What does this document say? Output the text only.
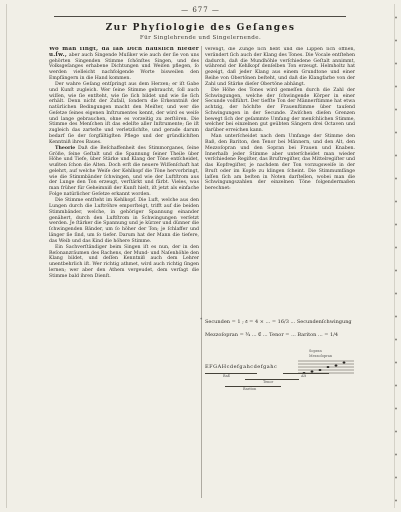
— 677 —
Zur Phyſiologie des Geſanges
Für Singlehrende und Singelernende.

Wo man ſingt, da laß Dich häuslich nieder u.ſw., aber auch Singende Muſiker wie auch der ſie von uns gehörten Singenden Stimme ſchönſtes Singen, und des Volksgeſanges erhabene Dichtungen und Weiſen pflegen, ſo werden vielleicht nachfolgende Worte bisweilen den Empfängern in die Hand kommen.

Der wahre Geſang entſpringt aus dem Herzen; er iſt Gabe und Kunſt zugleich. Wer ſeine Stimme gebraucht, ſoll auch wiſſen, wie ſie entſteht, wie ſie ſich bildet und wie ſie ſich erhält. Denn nicht der Zufall, ſondern die Erkenntniß der natürlichen Bedingungen macht den Meiſter, und wer die Geſetze ſeines eigenen Inſtrumentes kennt, der wird es weiſe und lange gebrauchen, ohne es vorzeitig zu zerſtören. Die Stimme des Menſchen iſt das edelſte aller Inſtrumente; ſie iſt zugleich das zarteſte und verletzlichſte, und gerade darum bedarf ſie der ſorgfältigſten Pflege und der gründlichſten Kenntniß ihres Baues.

Theorie Daß die Beſchaffenheit des Stimmorganes, ſeine Größe, ſeine Geſtalt und die Spannung ſeiner Theile über Höhe und Tiefe, über Stärke und Klang der Töne entſcheidet, wußten ſchon die Alten. Doch erſt die neuere Wiſſenſchaft hat gelehrt, auf welche Weiſe der Kehlkopf die Töne hervorbringt, wie die Stimmbänder ſchwingen, und wie der Luftſtrom aus der Lunge den Ton erzeugt, verſtärkt und färbt. Vieles, was man früher für Geheimniß der Kunſt hielt, iſt jetzt als einfache Folge natürlicher Geſetze erkannt worden.

Die Stimme entſteht im Kehlkopf. Die Luft, welche aus den Lungen durch die Luftröhre emporſteigt, trifft auf die beiden Stimmbänder, welche, in gehöriger Spannung einander genähert, durch den Luftſtrom in Schwingungen verſetzt werden. Je ſtärker die Spannung und je kürzer und dünner die ſchwingenden Bänder, um ſo höher der Ton; je ſchlaffer und länger ſie ſind, um ſo tiefer. Darum hat der Mann die tiefere, das Weib und das Kind die höhere Stimme.

Ein Sachverſtändiger beim Singen iſt es nun, der in den Reſonanzräumen des Rachens, der Mund- und Naſenhöhle den Klang bildet, und deſſen Kenntniß auch dem Lehrer unentbehrlich iſt. Wer richtig athmet, wird auch richtig ſingen lernen; wer aber den Athem vergeudet, dem verſagt die Stimme bald ihren Dienſt.

verengt, die Zunge ſich hebt und die Lippen ſich öffnen, verändert ſich auch der Klang des Tones. Die Vocale entſtehen dadurch, daß die Mundhöhle verſchiedene Geſtalt annimmt, während der Kehlkopf denſelben Ton erzeugt. Helmholtz hat gezeigt, daß jeder Klang aus einem Grundtone und einer Reihe von Obertönen beſteht, und daß die Klangfarbe von der Zahl und Stärke dieſer Obertöne abhängt.

Die Höhe des Tones wird gemeſſen durch die Zahl der Schwingungen, welche der ſchwingende Körper in einer Secunde vollführt. Der tiefſte Ton der Männerſtimme hat etwa achtzig, der höchſte der Frauenſtimme über tauſend Schwingungen in der Secunde. Zwiſchen dieſen Grenzen bewegt ſich der geſammte Umfang der menſchlichen Stimme, welcher bei einzelnen gut geübten Sängern drei Octaven und darüber erreichen kann.

Man unterſcheidet nach dem Umfange der Stimme den Baß, den Bariton, den Tenor bei Männern, und den Alt, den Mezzoſopran und den Sopran bei Frauen und Knaben. Innerhalb jeder Stimme aber unterſcheidet man wieder verſchiedene Regiſter, das Bruſtregiſter, das Mittelregiſter und das Kopfregiſter, je nachdem der Ton vorzugsweiſe in der Bruſt oder im Kopfe zu klingen ſcheint. Die Stimmumfänge laſſen ſich am beſten in Noten darſtellen, wobei man die Schwingungszahlen der einzelnen Töne folgendermaßen berechnet:

* Secunden = 1 ; 𝔞 = 4 × ... = 16/3 ... Secundenſchwingung
Mezzoſopran = ¾ ... 𝔈 ... Tenor = ... Bariton ... = 1/4
Sopran
Mezzoſopran
EFGAHcdefgahcdefgahc
Baß
Tenor
Alt
Bariton
